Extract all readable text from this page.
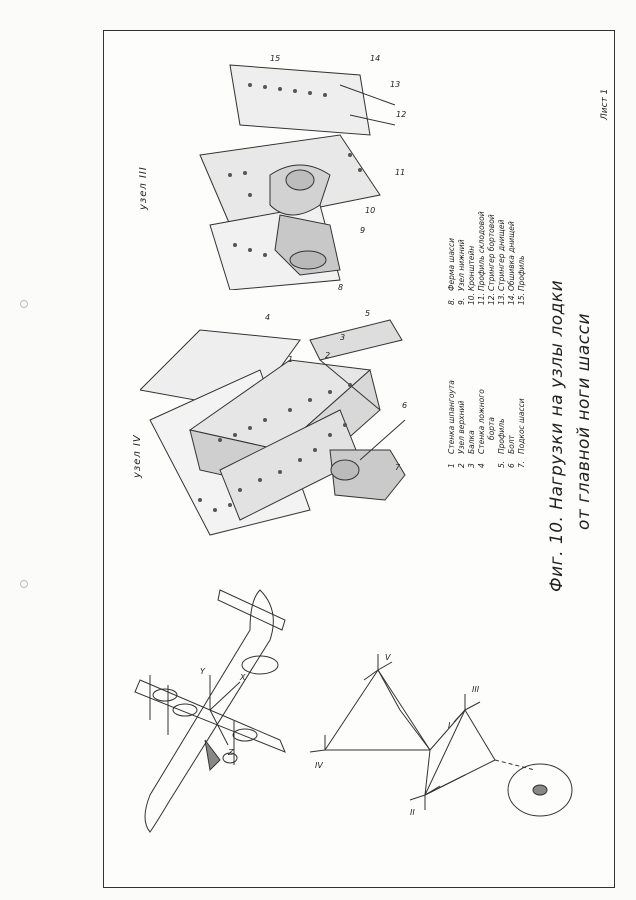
Лист 1
узел IV
узел III
Фиг. 10. Нагрузки на узлы лодки от главной ноги шасси
1Стенка шпангоута
2Узел верхний
3Балка
4Стенка ложного борта
5.Профиль
6Болт
7.Подкос шасси
8.Ферма шасси
9.Узел нижний
10.Кронштейн
11.Профиль склодовой
12.Стрингер бортовой
13.Стрингер днищей
14.Обшивка днищей
15.Профиль
1	2
3
4	5
6
7
8
9
10
11
12
13
14
15
X
Y
Z
IV
V
III
II
I
